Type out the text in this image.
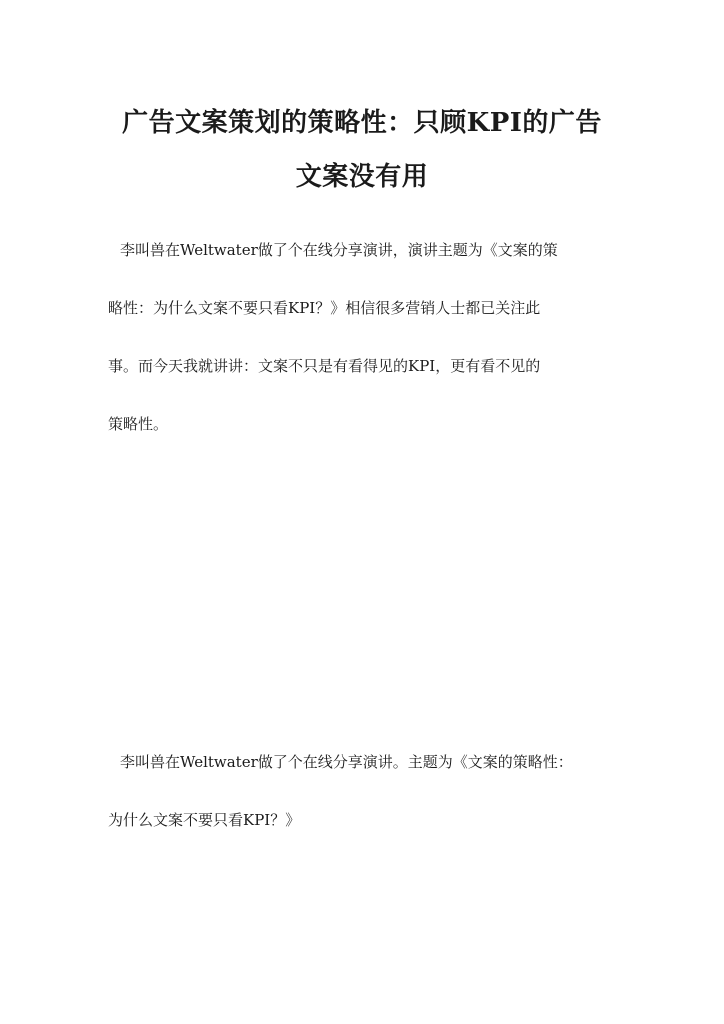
广告文案策划的策略性：只顾KPI的广告
文案没有用

李叫兽在Weltwater做了个在线分享演讲，演讲主题为《文案的策
略性：为什么文案不要只看KPI？》相信很多营销人士都已关注此
事。而今天我就讲讲：文案不只是有看得见的KPI，更有看不见的
策略性。

李叫兽在Weltwater做了个在线分享演讲。主题为《文案的策略性：
为什么文案不要只看KPI？》
